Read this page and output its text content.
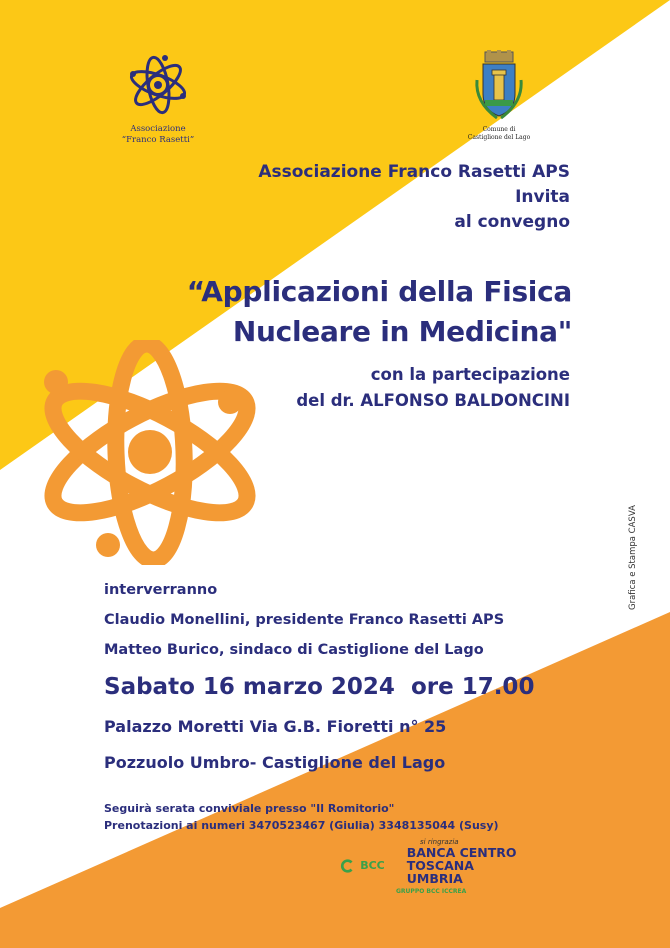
Associazione
“Franco Rasetti”
Comune di
Castiglione del Lago
Associazione Franco Rasetti APS
Invita
al convegno
“Applicazioni della Fisica
Nucleare in Medicina"
con la partecipazione
del dr. ALFONSO BALDONCINI
interverranno
Claudio Monellini, presidente Franco Rasetti APS
Matteo Burico, sindaco di Castiglione del Lago
Sabato 16 marzo 2024  ore 17.00
Palazzo Moretti Via G.B. Fioretti n° 25
Pozzuolo Umbro- Castiglione del Lago
Seguirà serata conviviale presso "Il Romitorio"
Prenotazioni ai numeri 3470523467 (Giulia) 3348135044 (Susy)
si ringrazia
BCC
BANCA CENTRO
TOSCANA UMBRIA
GRUPPO BCC ICCREA
Grafica e Stampa CASVA
